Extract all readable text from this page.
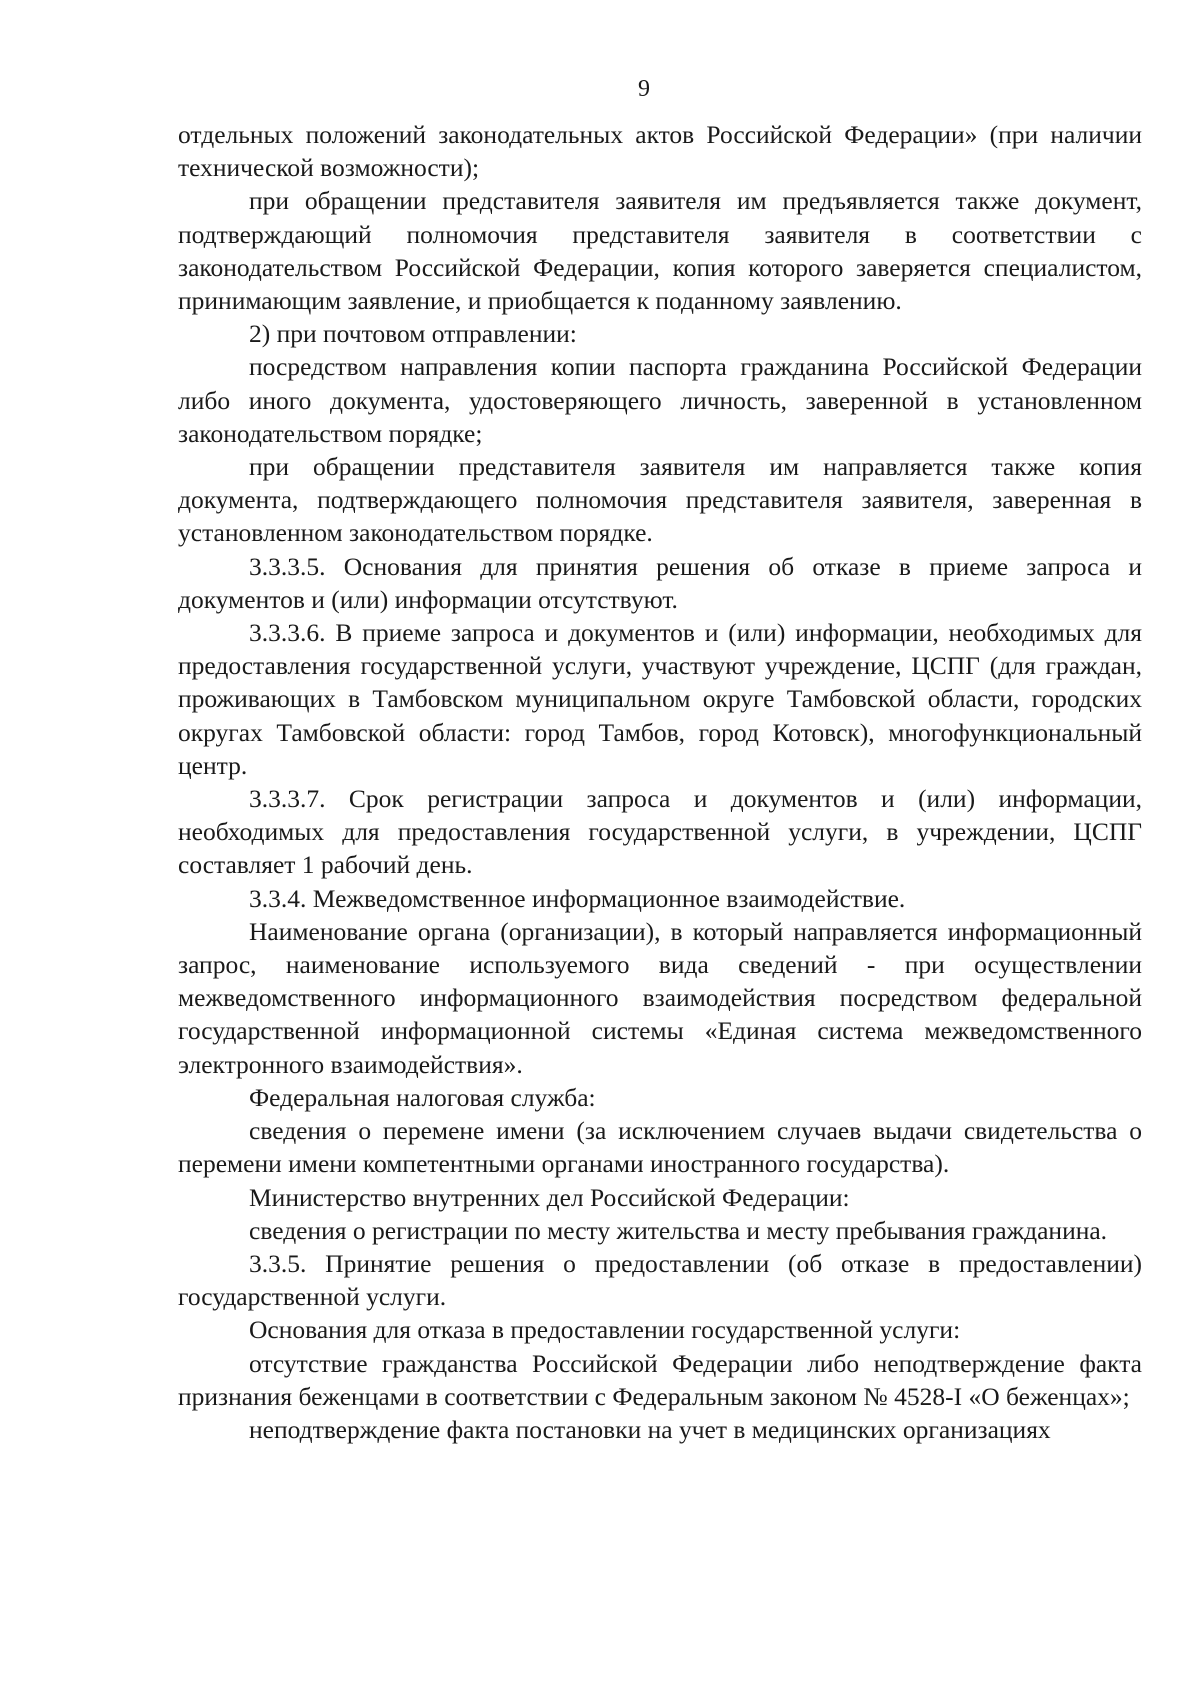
9

отдельных положений законодательных актов Российской Федерации» (при наличии технической возможности);

при обращении представителя заявителя им предъявляется также документ, подтверждающий полномочия представителя заявителя в соответствии с законодательством Российской Федерации, копия которого заверяется специалистом, принимающим заявление, и приобщается к поданному заявлению.

2) при почтовом отправлении:

посредством направления копии паспорта гражданина Российской Федерации либо иного документа, удостоверяющего личность, заверенной в установленном законодательством порядке;

при обращении представителя заявителя им направляется также копия документа, подтверждающего полномочия представителя заявителя, заверенная в установленном законодательством порядке.

3.3.3.5. Основания для принятия решения об отказе в приеме запроса и документов и (или) информации отсутствуют.

3.3.3.6. В приеме запроса и документов и (или) информации, необходимых для предоставления государственной услуги, участвуют учреждение, ЦСПГ (для граждан, проживающих в Тамбовском муниципальном округе Тамбовской области, городских округах Тамбовской области: город Тамбов, город Котовск), многофункциональный центр.

3.3.3.7. Срок регистрации запроса и документов и (или) информации, необходимых для предоставления государственной услуги, в учреждении, ЦСПГ составляет 1 рабочий день.

3.3.4. Межведомственное информационное взаимодействие.

Наименование органа (организации), в который направляется информационный запрос, наименование используемого вида сведений - при осуществлении межведомственного информационного взаимодействия посредством федеральной государственной информационной системы «Единая система межведомственного электронного взаимодействия».

Федеральная налоговая служба:

сведения о перемене имени (за исключением случаев выдачи свидетельства о перемени имени компетентными органами иностранного государства).

Министерство внутренних дел Российской Федерации:

сведения о регистрации по месту жительства и месту пребывания гражданина.

3.3.5. Принятие решения о предоставлении (об отказе в предоставлении) государственной услуги.

Основания для отказа в предоставлении государственной услуги:

отсутствие гражданства Российской Федерации либо неподтверждение факта признания беженцами в соответствии с Федеральным законом № 4528-I «О беженцах»;

неподтверждение факта постановки на учет в медицинских организациях
